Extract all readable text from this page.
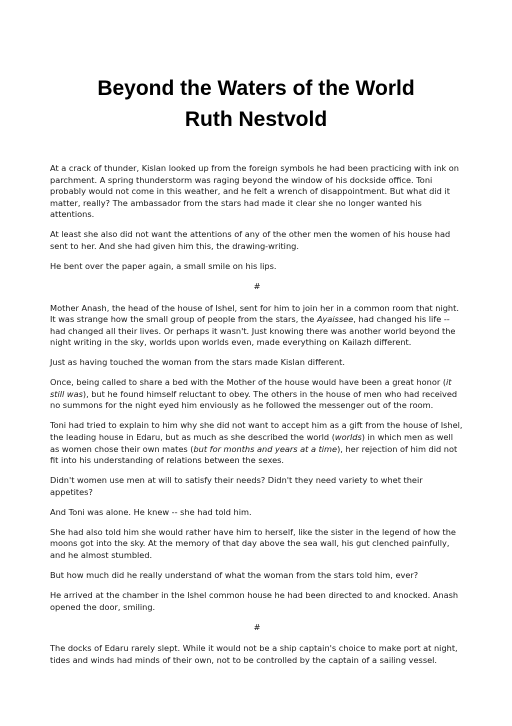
Beyond the Waters of the World
Ruth Nestvold

At a crack of thunder, Kislan looked up from the foreign symbols he had been practicing with ink on parchment. A spring thunderstorm was raging beyond the window of his dockside office. Toni probably would not come in this weather, and he felt a wrench of disappointment. But what did it matter, really? The ambassador from the stars had made it clear she no longer wanted his attentions.

At least she also did not want the attentions of any of the other men the women of his house had sent to her. And she had given him this, the drawing-writing.

He bent over the paper again, a small smile on his lips.

#

Mother Anash, the head of the house of Ishel, sent for him to join her in a common room that night. It was strange how the small group of people from the stars, the Ayaissee, had changed his life -- had changed all their lives. Or perhaps it wasn't. Just knowing there was another world beyond the night writing in the sky, worlds upon worlds even, made everything on Kailazh different.

Just as having touched the woman from the stars made Kislan different.

Once, being called to share a bed with the Mother of the house would have been a great honor (it still was), but he found himself reluctant to obey. The others in the house of men who had received no summons for the night eyed him enviously as he followed the messenger out of the room.

Toni had tried to explain to him why she did not want to accept him as a gift from the house of Ishel, the leading house in Edaru, but as much as she described the world (worlds) in which men as well as women chose their own mates (but for months and years at a time), her rejection of him did not fit into his understanding of relations between the sexes.

Didn't women use men at will to satisfy their needs? Didn't they need variety to whet their appetites?

And Toni was alone. He knew -- she had told him.

She had also told him she would rather have him to herself, like the sister in the legend of how the moons got into the sky. At the memory of that day above the sea wall, his gut clenched painfully, and he almost stumbled.

But how much did he really understand of what the woman from the stars told him, ever?

He arrived at the chamber in the Ishel common house he had been directed to and knocked. Anash opened the door, smiling.

#

The docks of Edaru rarely slept. While it would not be a ship captain's choice to make port at night, tides and winds had minds of their own, not to be controlled by the captain of a sailing vessel.
